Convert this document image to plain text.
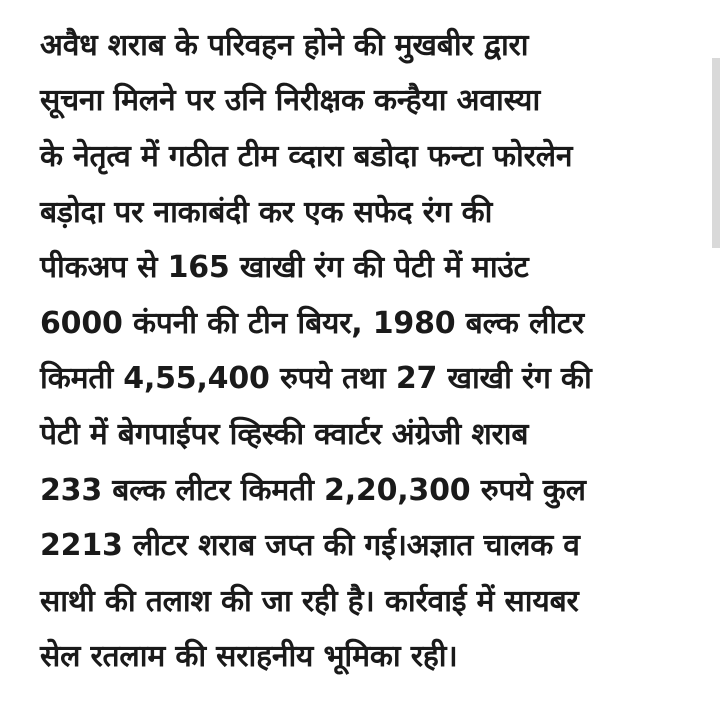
अवैध शराब के परिवहन होने की मुखबीर द्वारा
सूचना मिलने पर उनि निरीक्षक कन्हैया अवास्या
के नेतृत्व में गठीत टीम व्दारा बडोदा फन्टा फोरलेन
बड़ोदा पर नाकाबंदी कर एक सफेद रंग की
पीकअप से 165 खाखी रंग की पेटी में माउंट
6000 कंपनी की टीन बियर, 1980 बल्क लीटर
किमती 4,55,400 रुपये तथा 27 खाखी रंग की
पेटी में बेगपाईपर व्हिस्की क्वार्टर अंग्रेजी शराब
233 बल्क लीटर किमती 2,20,300 रुपये कुल
2213 लीटर शराब जप्त की गई।अज्ञात चालक व
साथी की तलाश की जा रही है। कार्रवाई में सायबर
सेल रतलाम की सराहनीय भूमिका रही।
